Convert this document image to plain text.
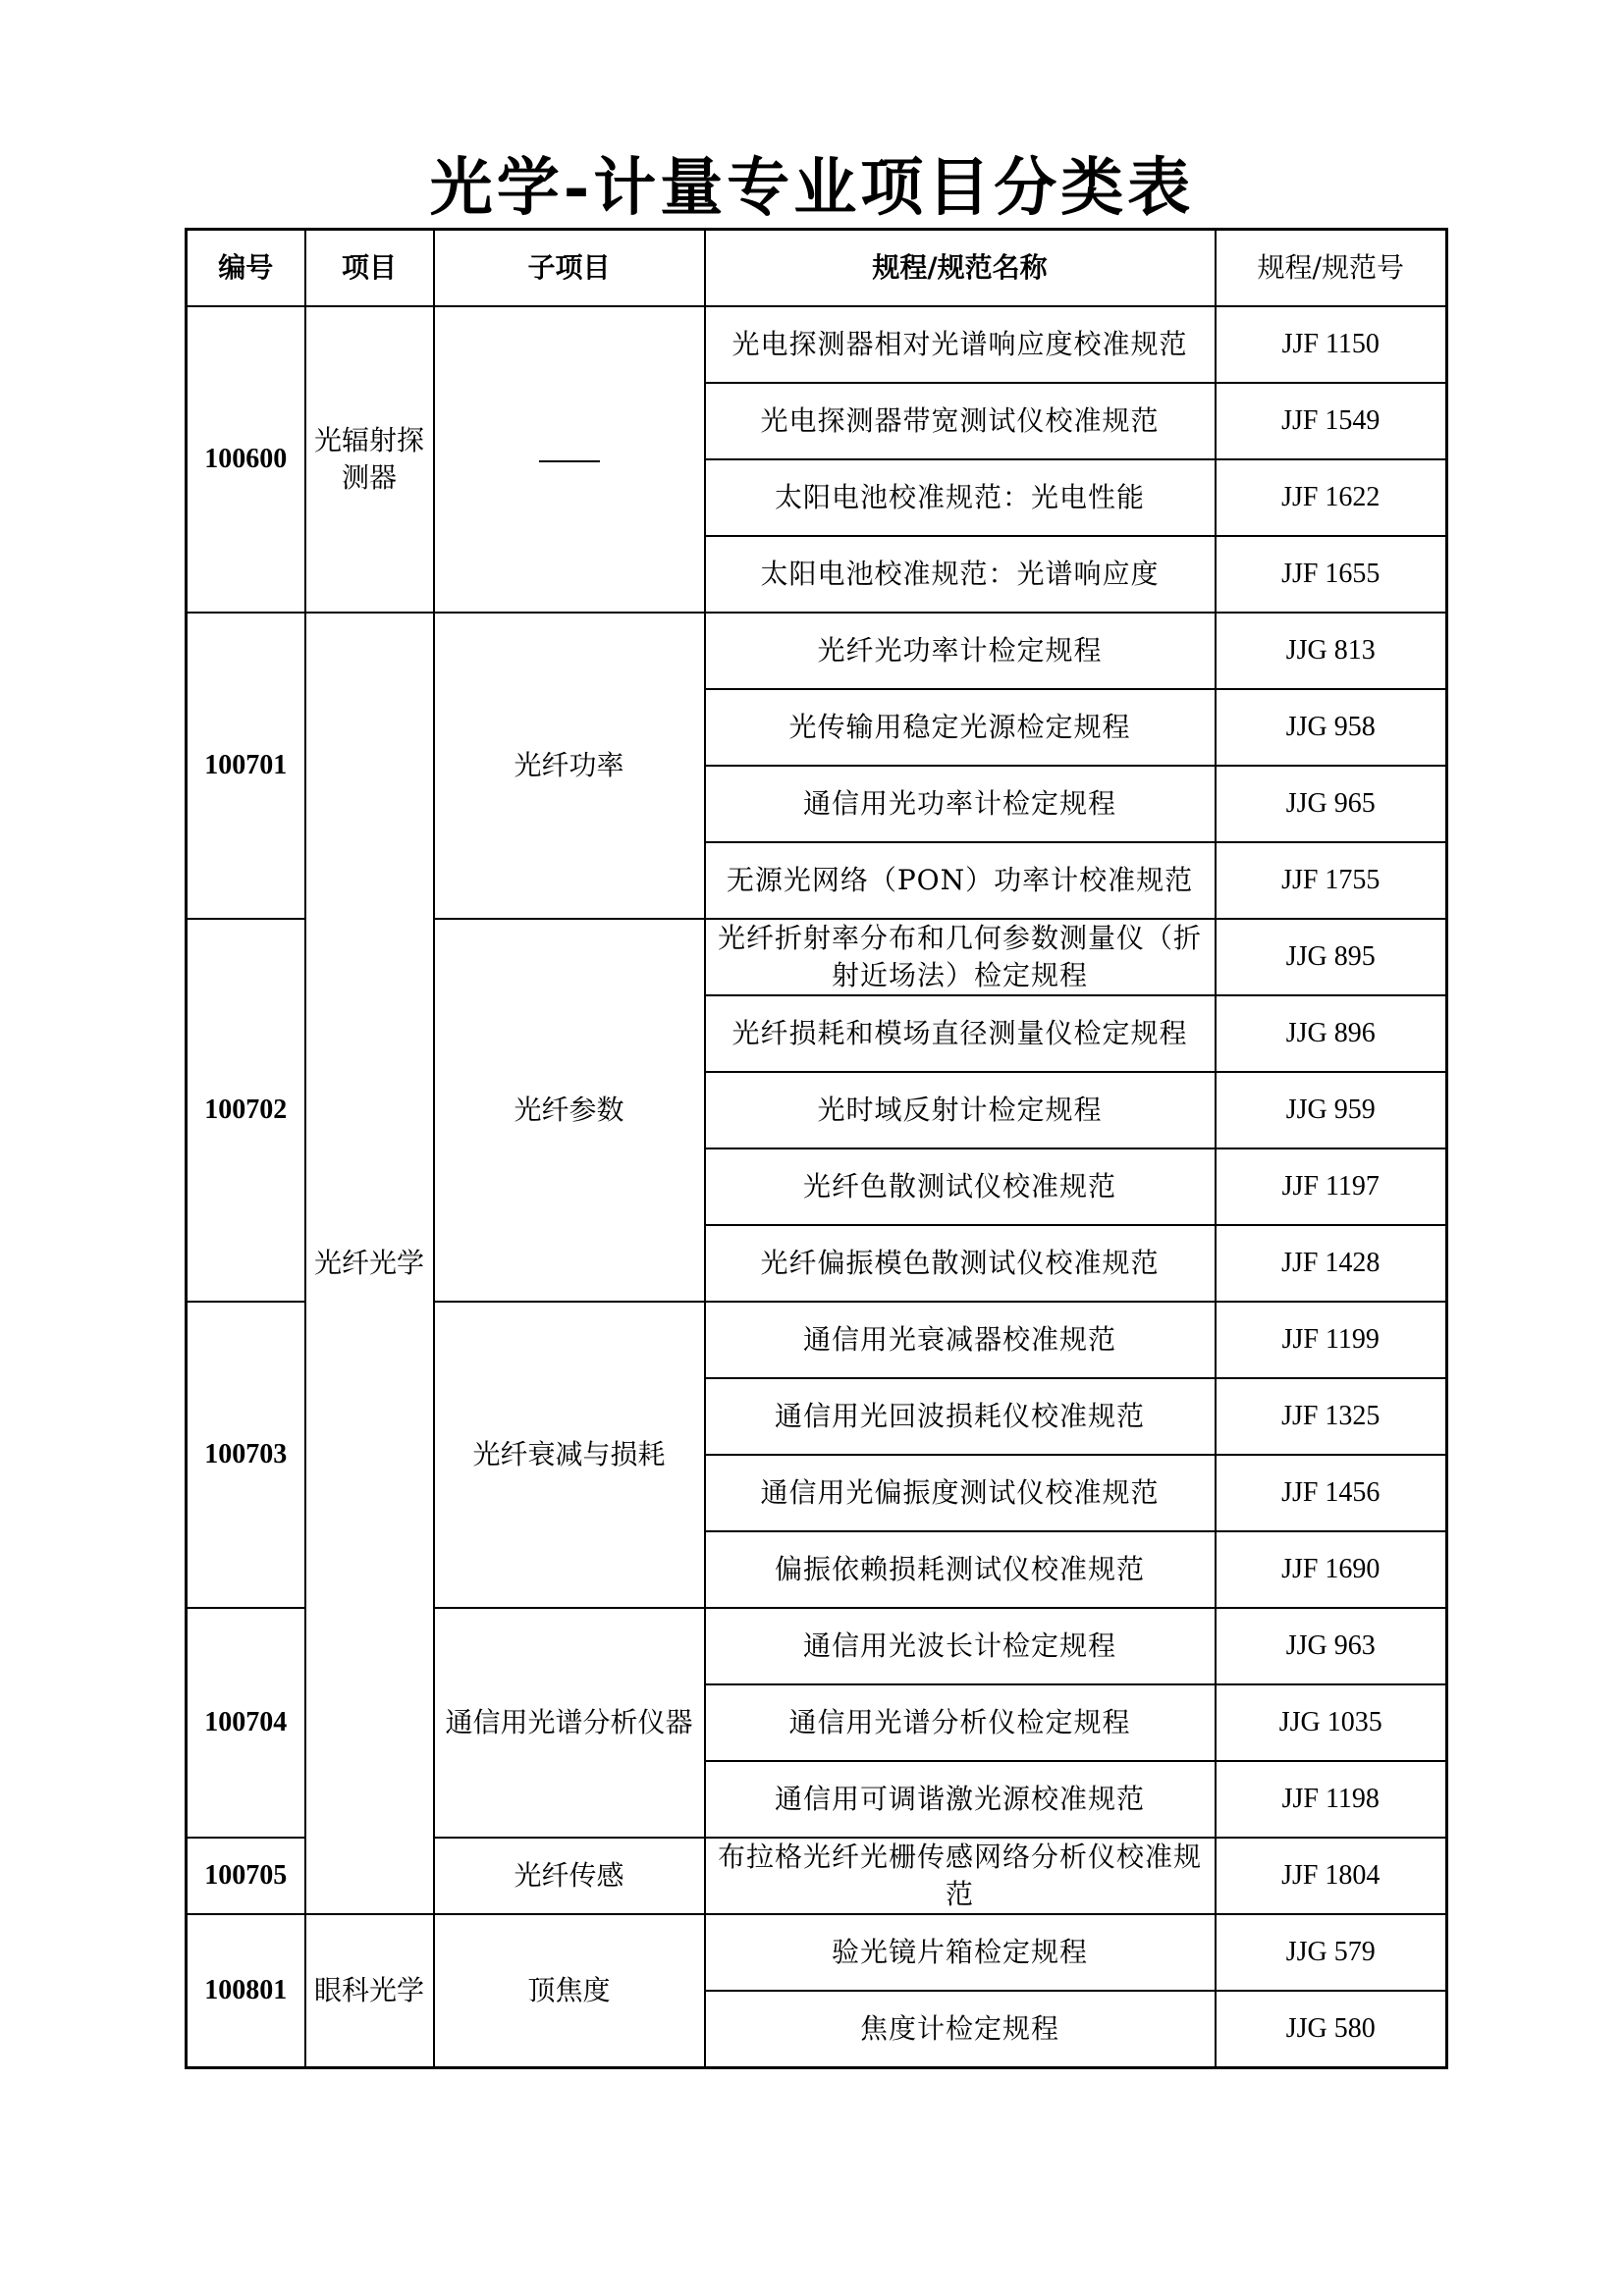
光学-计量专业项目分类表
编号	项目	子项目	规程/规范名称	规程/规范号
100600	光辐射探测器		光电探测器相对光谱响应度校准规范	JJF 1150
			光电探测器带宽测试仪校准规范	JJF 1549
			太阳电池校准规范：光电性能	JJF 1622
			太阳电池校准规范：光谱响应度	JJF 1655
100701	光纤光学	光纤功率	光纤光功率计检定规程	JJG 813
			光传输用稳定光源检定规程	JJG 958
			通信用光功率计检定规程	JJG 965
			无源光网络（PON）功率计校准规范	JJF 1755
100702		光纤参数	光纤折射率分布和几何参数测量仪（折射近场法）检定规程	JJG 895
			光纤损耗和模场直径测量仪检定规程	JJG 896
			光时域反射计检定规程	JJG 959
			光纤色散测试仪校准规范	JJF 1197
			光纤偏振模色散测试仪校准规范	JJF 1428
100703		光纤衰减与损耗	通信用光衰减器校准规范	JJF 1199
			通信用光回波损耗仪校准规范	JJF 1325
			通信用光偏振度测试仪校准规范	JJF 1456
			偏振依赖损耗测试仪校准规范	JJF 1690
100704		通信用光谱分析仪器	通信用光波长计检定规程	JJG 963
			通信用光谱分析仪检定规程	JJG 1035
			通信用可调谐激光源校准规范	JJF 1198
100705		光纤传感	布拉格光纤光栅传感网络分析仪校准规范	JJF 1804
100801	眼科光学	顶焦度	验光镜片箱检定规程	JJG 579
			焦度计检定规程	JJG 580
